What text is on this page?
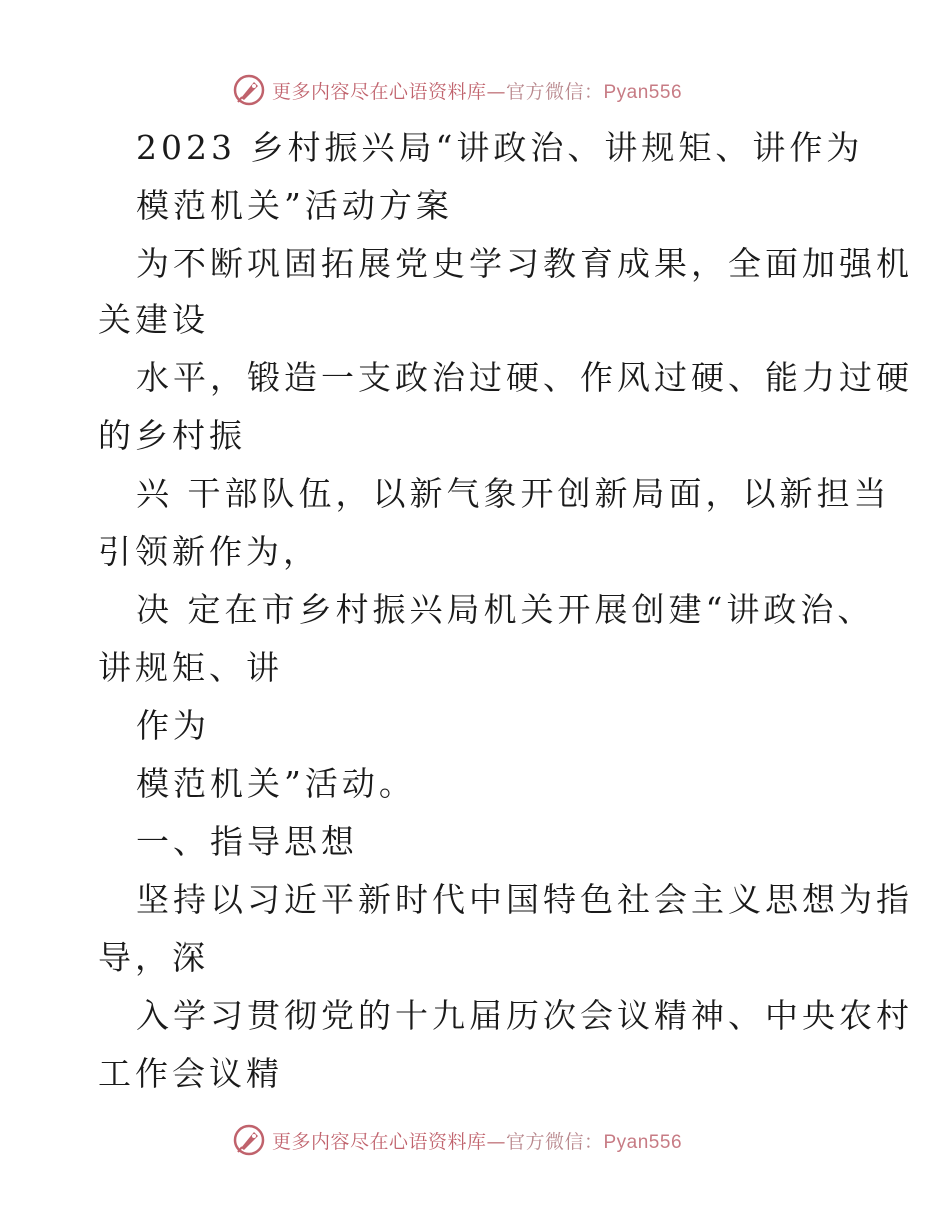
更多内容尽在心语资料库—官方微信：Pyan556
2023 乡村振兴局“讲政治、讲规矩、讲作为
模范机关”活动方案
为不断巩固拓展党史学习教育成果，全面加强机
关建设
水平，锻造一支政治过硬、作风过硬、能力过硬
的乡村振
兴 干部队伍，以新气象开创新局面，以新担当
引领新作为，
决 定在市乡村振兴局机关开展创建“讲政治、
讲规矩、讲
作为
模范机关”活动。
一、指导思想
坚持以习近平新时代中国特色社会主义思想为指
导，深
入学习贯彻党的十九届历次会议精神、中央农村
工作会议精
更多内容尽在心语资料库—官方微信：Pyan556
